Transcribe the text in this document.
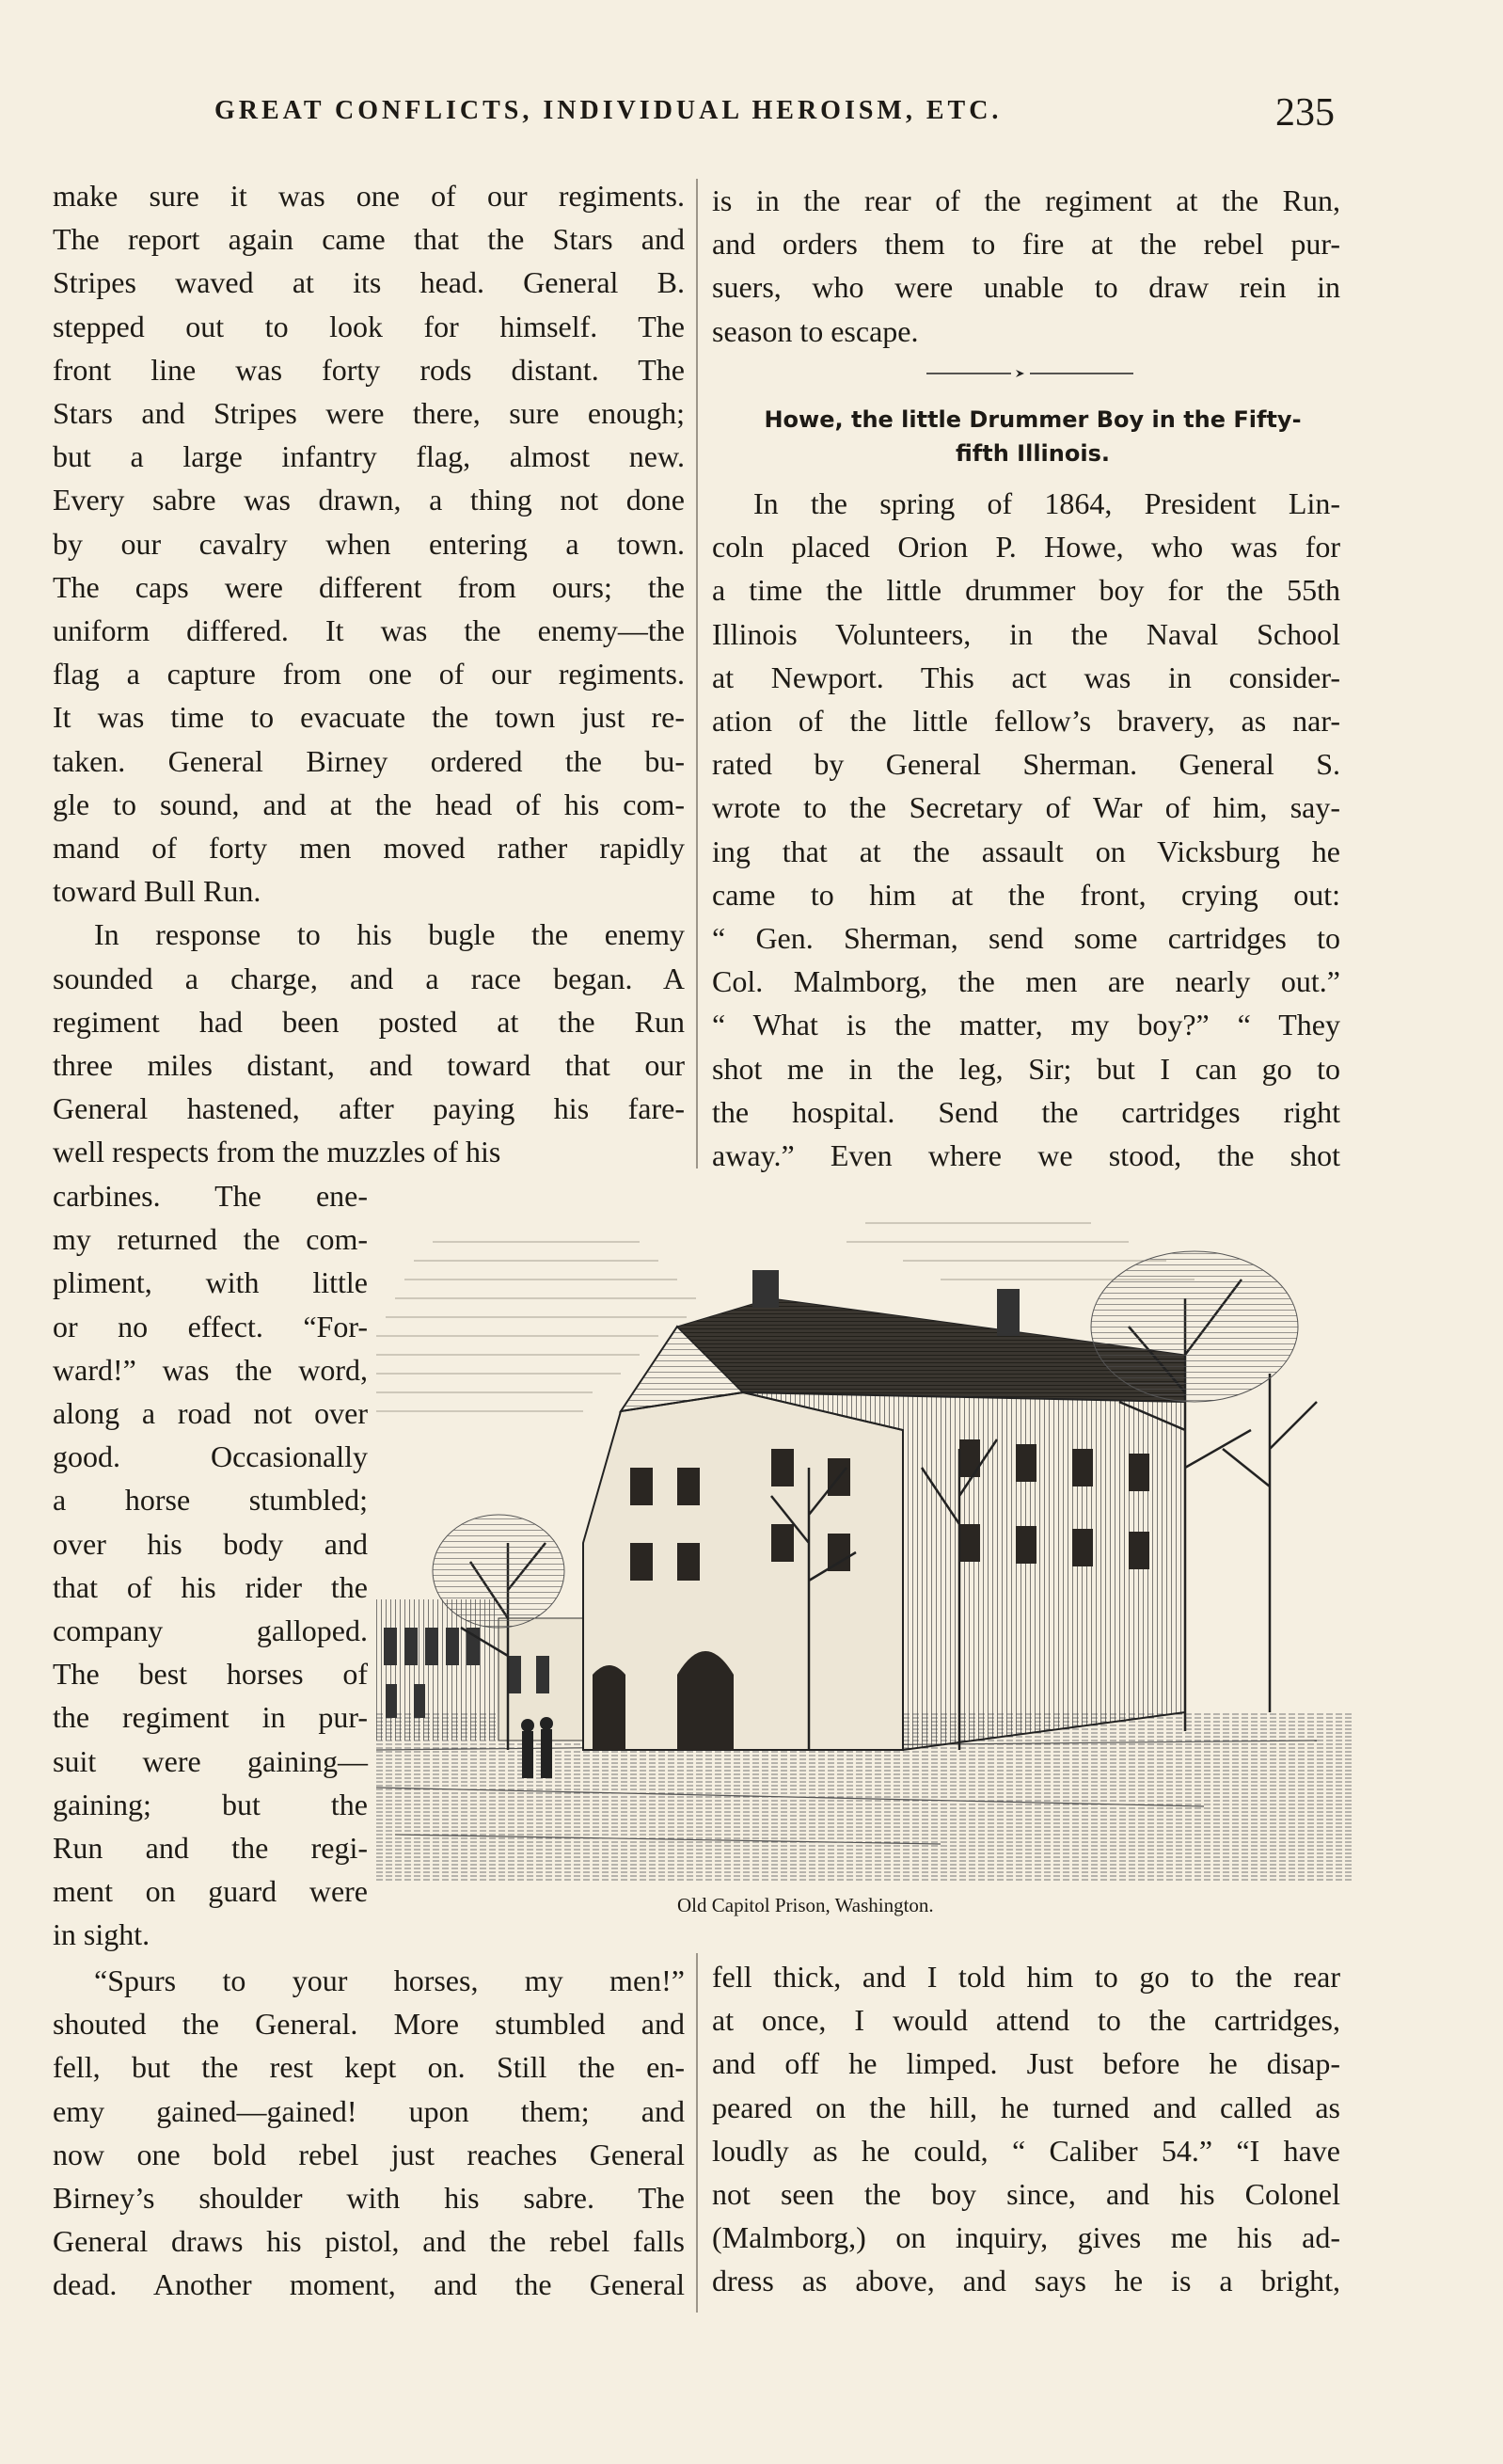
GREAT CONFLICTS, INDIVIDUAL HEROISM, ETC.	235
make sure it was one of our regiments.
The report again came that the Stars and
Stripes waved at its head. General B.
stepped out to look for himself. The
front line was forty rods distant. The
Stars and Stripes were there, sure enough;
but a large infantry flag, almost new.
Every sabre was drawn, a thing not done
by our cavalry when entering a town.
The caps were different from ours; the
uniform differed. It was the enemy—the
flag a capture from one of our regiments.
It was time to evacuate the town just re-
taken. General Birney ordered the bu-
gle to sound, and at the head of his com-
mand of forty men moved rather rapidly
toward Bull Run.
In response to his bugle the enemy
sounded a charge, and a race began. A
regiment had been posted at the Run
three miles distant, and toward that our
General hastened, after paying his fare-
well respects from the muzzles of his
carbines. The ene-
my returned the com-
pliment, with little
or no effect. “For-
ward!” was the word,
along a road not over
good. Occasionally
a horse stumbled;
over his body and
that of his rider the
company galloped.
The best horses of
the regiment in pur-
suit were gaining—
gaining; but the
Run and the regi-
ment on guard were
in sight.
“Spurs to your horses, my men!”
shouted the General. More stumbled and
fell, but the rest kept on. Still the en-
emy gained—gained! upon them; and
now one bold rebel just reaches General
Birney’s shoulder with his sabre. The
General draws his pistol, and the rebel falls
dead. Another moment, and the General
is in the rear of the regiment at the Run,
and orders them to fire at the rebel pur-
suers, who were unable to draw rein in
season to escape.
Howe, the little Drummer Boy in the Fifty-
fifth Illinois.
In the spring of 1864, President Lin-
coln placed Orion P. Howe, who was for
a time the little drummer boy for the 55th
Illinois Volunteers, in the Naval School
at Newport. This act was in consider-
ation of the little fellow’s bravery, as nar-
rated by General Sherman. General S.
wrote to the Secretary of War of him, say-
ing that at the assault on Vicksburg he
came to him at the front, crying out:
“ Gen. Sherman, send some cartridges to
Col. Malmborg, the men are nearly out.”
“ What is the matter, my boy?” “ They
shot me in the leg, Sir; but I can go to
the hospital. Send the cartridges right
away.” Even where we stood, the shot
Old Capitol Prison, Washington.
fell thick, and I told him to go to the rear
at once, I would attend to the cartridges,
and off he limped. Just before he disap-
peared on the hill, he turned and called as
loudly as he could, “ Caliber 54.” “I have
not seen the boy since, and his Colonel
(Malmborg,) on inquiry, gives me his ad-
dress as above, and says he is a bright,
